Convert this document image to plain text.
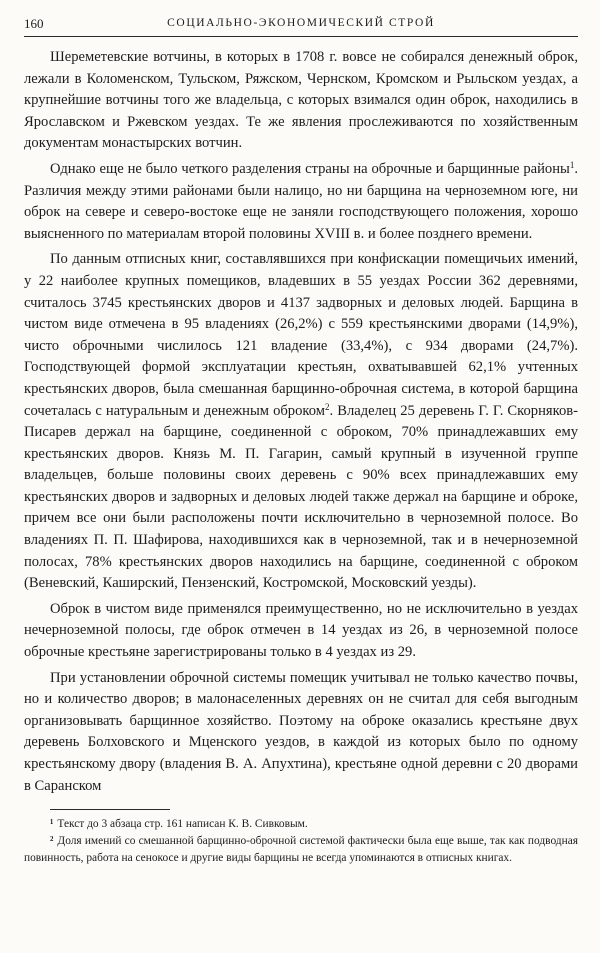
160	СОЦИАЛЬНО-ЭКОНОМИЧЕСКИЙ СТРОЙ

Шереметевские вотчины, в которых в 1708 г. вовсе не собирался денежный оброк, лежали в Коломенском, Тульском, Ряжском, Чернском, Кромском и Рыльском уездах, а крупнейшие вотчины того же владельца, с которых взимался один оброк, находились в Ярославском и Ржевском уездах. Те же явления прослеживаются по хозяйственным документам монастырских вотчин.

Однако еще не было четкого разделения страны на оброчные и барщинные районы$^1$. Различия между этими районами были налицо, но ни барщина на черноземном юге, ни оброк на севере и северо-востоке еще не заняли господствующего положения, хорошо выясненного по материалам второй половины XVIII в. и более позднего времени.

По данным отписных книг, составлявшихся при конфискации помещичьих имений, у 22 наиболее крупных помещиков, владевших в 55 уездах России 362 деревнями, считалось 3745 крестьянских дворов и 4137 задворных и деловых людей. Барщина в чистом виде отмечена в 95 владениях (26,2%) с 559 крестьянскими дворами (14,9%), чисто оброчными числилось 121 владение (33,4%), с 934 дворами (24,7%). Господствующей формой эксплуатации крестьян, охватывавшей 62,1% учтенных крестьянских дворов, была смешанная барщинно-оброчная система, в которой барщина сочеталась с натуральным и денежным оброком$^2$. Владелец 25 деревень Г. Г. Скорняков-Писарев держал на барщине, соединенной с оброком, 70% принадлежавших ему крестьянских дворов. Князь М. П. Гагарин, самый крупный в изученной группе владельцев, больше половины своих деревень с 90% всех принадлежавших ему крестьянских дворов и задворных и деловых людей также держал на барщине и оброке, причем все они были расположены почти исключительно в черноземной полосе. Во владениях П. П. Шафирова, находившихся как в черноземной, так и в нечерноземной полосах, 78% крестьянских дворов находились на барщине, соединенной с оброком (Веневский, Каширский, Пензенский, Костромской, Московский уезды).

Оброк в чистом виде применялся преимущественно, но не исключительно в уездах нечерноземной полосы, где оброк отмечен в 14 уездах из 26, в черноземной полосе оброчные крестьяне зарегистрированы только в 4 уездах из 29.

При установлении оброчной системы помещик учитывал не только качество почвы, но и количество дворов; в малонаселенных деревнях он не считал для себя выгодным организовывать барщинное хозяйство. Поэтому на оброке оказались крестьяне двух деревень Болховского и Мценского уездов, в каждой из которых было по одному крестьянскому двору (владения В. А. Апухтина), крестьяне одной деревни с 20 дворами в Саранском

¹ Текст до 3 абзаца стр. 161 написан К. В. Сивковым.

² Доля имений со смешанной барщинно-оброчной системой фактически была еще выше, так как подводная повинность, работа на сенокосе и другие виды барщины не всегда упоминаются в отписных книгах.
